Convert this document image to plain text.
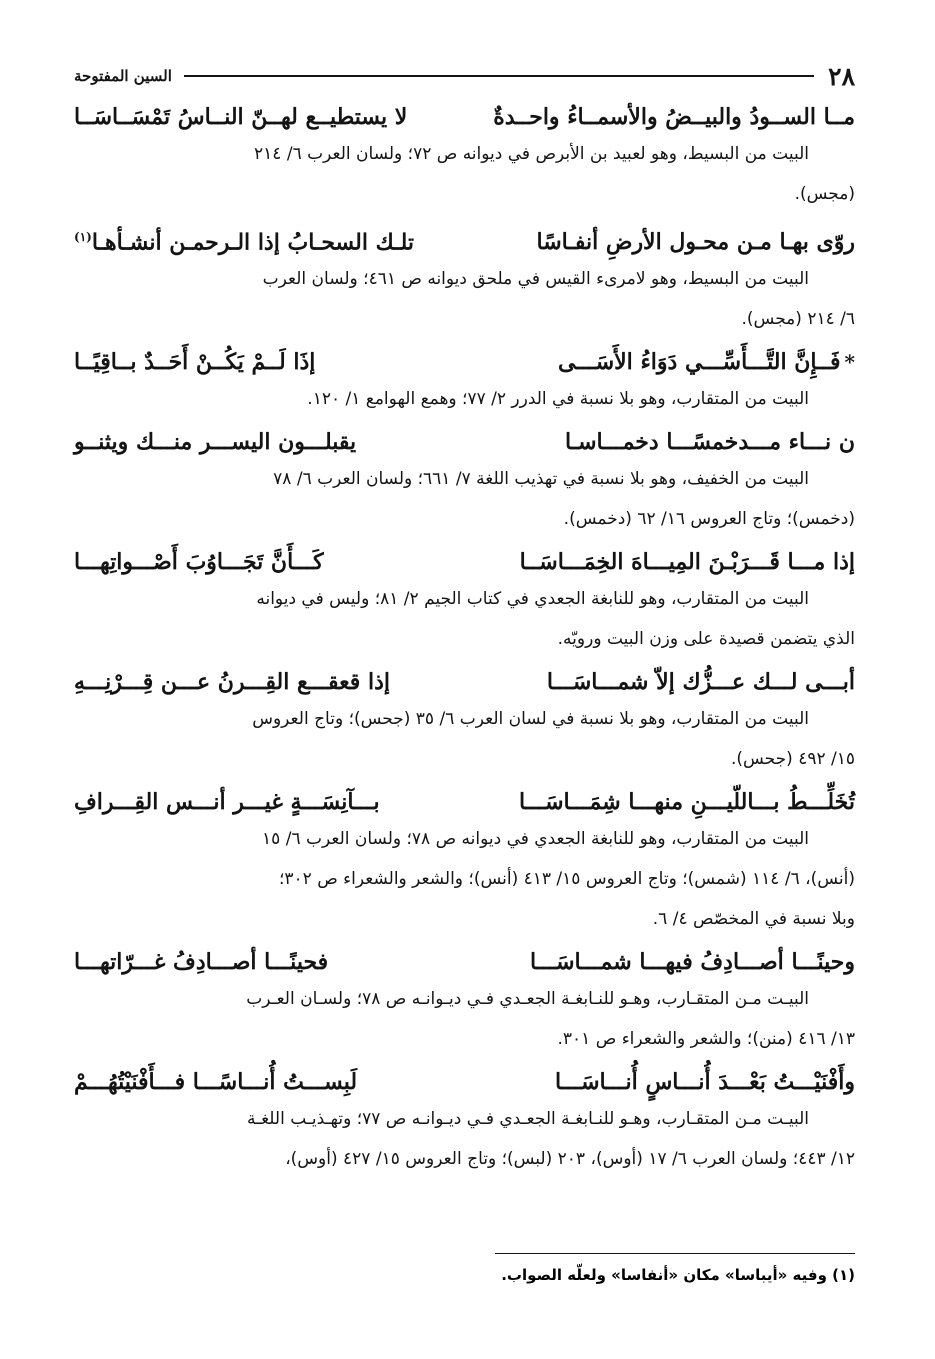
٢٨
السين المفتوحة
مــا الســودُ والبيــضُ والأسمــاءُ واحــدةٌ
لا يستطيــع لهــنّ النــاسُ تَمْسَــاسَــا
البيت من البسيط، وهو لعبيد بن الأبرص في ديوانه ص ٧٢؛ ولسان العرب ٦/ ٢١٤
(مجس).
روّى بهـا مـن محـول الأرضِ أنفـاسًا
تلـك السحـابُ إذا الـرحمـن أنشـأهـا$^{(١)}$
البيت من البسيط، وهو لامرىء القيس في ملحق ديوانه ص ٤٦١؛ ولسان العرب
٦/ ٢١٤ (مجس).
*فَــإِنَّ التَّـــأَسِّـــي دَوَاءُ الأَسَـــى
إذَا لَــمْ يَكُــنْ أَحَــدٌ بــاقِيًــا
البيت من المتقارب، وهو بلا نسبة في الدرر ٢/ ٧٧؛ وهمع الهوامع ١/ ١٢٠.
ن نـــاء مـــدخمسًـــا دخمـــاسـا
يقبلـــون اليســـر منـــك ويثنــو
البيت من الخفيف، وهو بلا نسبة في تهذيب اللغة ٧/ ٦٦١؛ ولسان العرب ٦/ ٧٨
(دخمس)؛ وتاج العروس ١٦/ ٦٢ (دخمس).
إذا مـــا قَـــرَبْـنَ المِيـــاهَ الخِمَـــاسَــا
كَـــأَنَّ تَجَـــاوُبَ أَصْـــواتِهـــا
البيت من المتقارب، وهو للنابغة الجعدي في كتاب الجيم ٢/ ٨١؛ وليس في ديوانه
الذي يتضمن قصيدة على وزن البيت ورويّه.
أبـــى لـــك عـــزُّك إلاّ شمـــاسَـــا
إذا قعقـــع القِـــرنُ عـــن قِـــرْنِـــهِ
البيت من المتقارب، وهو بلا نسبة في لسان العرب ٦/ ٣٥ (جحس)؛ وتاج العروس
١٥/ ٤٩٢ (جحس).
تُخَلِّـــطُ بـــاللّيـــنِ منهـــا شِمَـــاسَـــا
بـــآنِسَـــةٍ غيـــر أنـــس القِـــرافِ
البيت من المتقارب، وهو للنابغة الجعدي في ديوانه ص ٧٨؛ ولسان العرب ٦/ ١٥
(أنس)، ٦/ ١١٤ (شمس)؛ وتاج العروس ١٥/ ٤١٣ (أنس)؛ والشعر والشعراء ص ٣٠٢؛
وبلا نسبة في المخصّص ٤/ ٦.
وحينًـــا أصـــادِفُ فيهـــا شمـــاسَـــا
فحينًـــا أصـــادِفُ غـــرّاتهـــا
البيـت مـن المتقـارب، وهـو للنـابغـة الجعـدي فـي ديـوانـه ص ٧٨؛ ولسـان العـرب
١٣/ ٤١٦ (منن)؛ والشعر والشعراء ص ٣٠١.
وأَفْنَيْـــتُ بَعْـــدَ أُنـــاسٍ أُنـــاسَـــا
لَبِســـتُ أُنـــاسًـــا فـــأَفْنَيْتُهُـــمْ
البيـت مـن المتقـارب، وهـو للنـابغـة الجعـدي فـي ديـوانـه ص ٧٧؛ وتهـذيـب اللغـة
١٢/ ٤٤٣؛ ولسان العرب ٦/ ١٧ (أوس)، ٢٠٣ (لبس)؛ وتاج العروس ١٥/ ٤٢٧ (أوس)،
(١) وفيه «أيباسا» مكان «أنفاسا» ولعلّه الصواب.
